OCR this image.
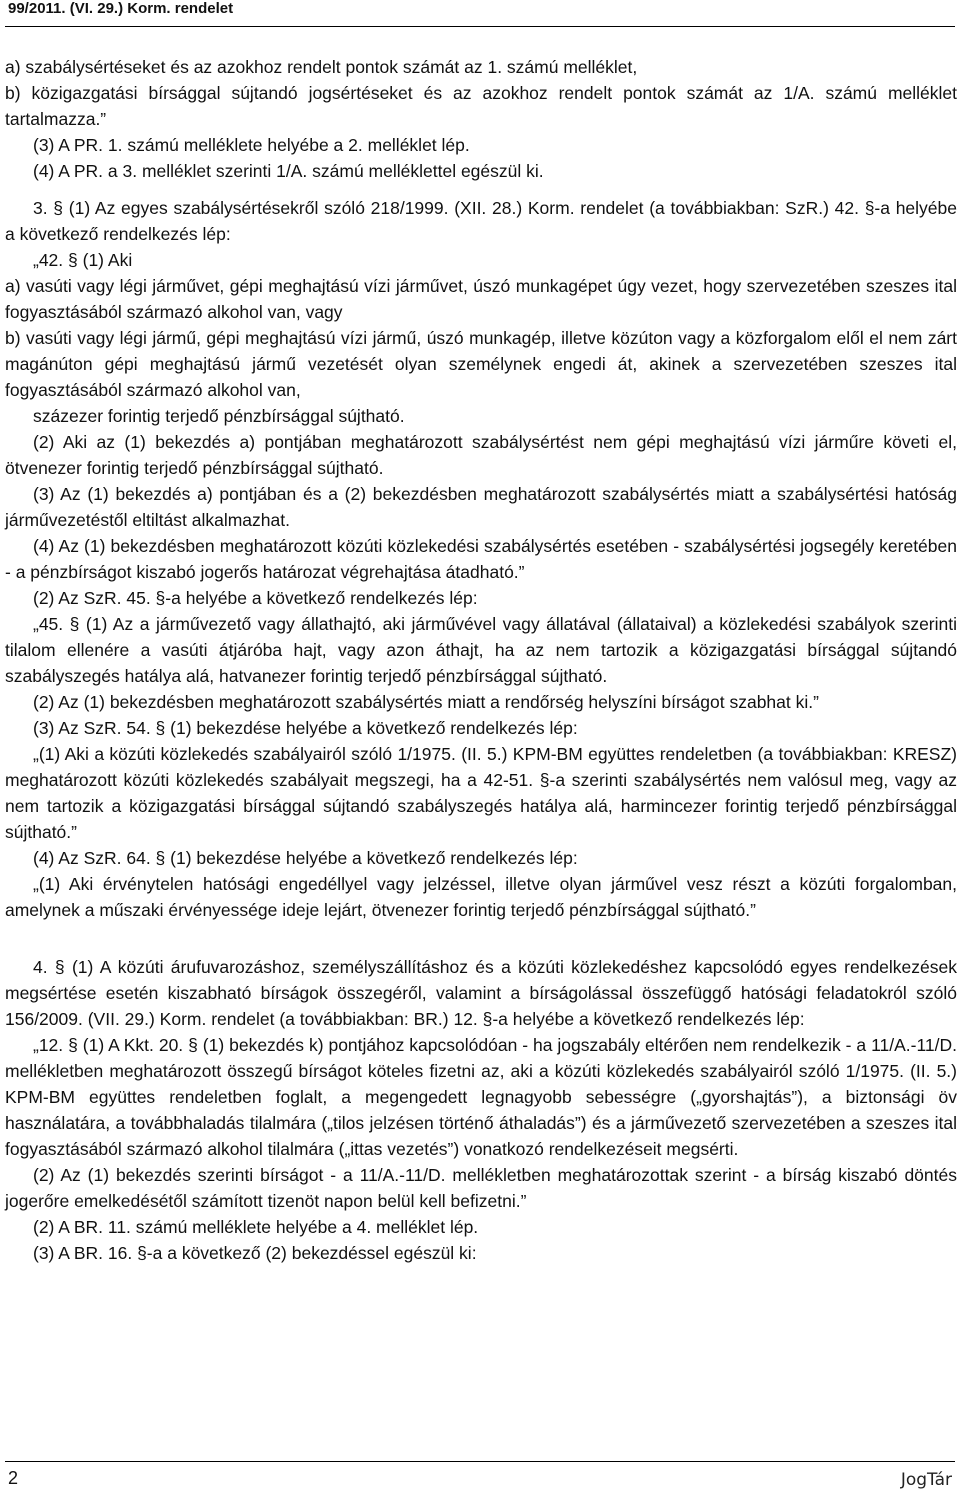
99/2011. (VI. 29.) Korm. rendelet

a) szabálysértéseket és az azokhoz rendelt pontok számát az 1. számú melléklet,

b) közigazgatási bírsággal sújtandó jogsértéseket és az azokhoz rendelt pontok számát az 1/A. számú melléklet tartalmazza.”

(3) A PR. 1. számú melléklete helyébe a 2. melléklet lép.

(4) A PR. a 3. melléklet szerinti 1/A. számú melléklettel egészül ki.

3. § (1) Az egyes szabálysértésekről szóló 218/1999. (XII. 28.) Korm. rendelet (a továbbiakban: SzR.) 42. §-a helyébe a következő rendelkezés lép:

„42. § (1) Aki

a) vasúti vagy légi járművet, gépi meghajtású vízi járművet, úszó munkagépet úgy vezet, hogy szervezetében szeszes ital fogyasztásából származó alkohol van, vagy

b) vasúti vagy légi jármű, gépi meghajtású vízi jármű, úszó munkagép, illetve közúton vagy a közforgalom elől el nem zárt magánúton gépi meghajtású jármű vezetését olyan személynek engedi át, akinek a szervezetében szeszes ital fogyasztásából származó alkohol van,

százezer forintig terjedő pénzbírsággal sújtható.

(2) Aki az (1) bekezdés a) pontjában meghatározott szabálysértést nem gépi meghajtású vízi járműre követi el, ötvenezer forintig terjedő pénzbírsággal sújtható.

(3) Az (1) bekezdés a) pontjában és a (2) bekezdésben meghatározott szabálysértés miatt a szabálysértési hatóság járművezetéstől eltiltást alkalmazhat.

(4) Az (1) bekezdésben meghatározott közúti közlekedési szabálysértés esetében - szabálysértési jogsegély keretében - a pénzbírságot kiszabó jogerős határozat végrehajtása átadható.”

(2) Az SzR. 45. §-a helyébe a következő rendelkezés lép:

„45. § (1) Az a járművezető vagy állathajtó, aki járművével vagy állatával (állataival) a közlekedési szabályok szerinti tilalom ellenére a vasúti átjáróba hajt, vagy azon áthajt, ha az nem tartozik a közigazgatási bírsággal sújtandó szabályszegés hatálya alá, hatvanezer forintig terjedő pénzbírsággal sújtható.

(2) Az (1) bekezdésben meghatározott szabálysértés miatt a rendőrség helyszíni bírságot szabhat ki.”

(3) Az SzR. 54. § (1) bekezdése helyébe a következő rendelkezés lép:

„(1) Aki a közúti közlekedés szabályairól szóló 1/1975. (II. 5.) KPM-BM együttes rendeletben (a továbbiakban: KRESZ) meghatározott közúti közlekedés szabályait megszegi, ha a 42-51. §-a szerinti szabálysértés nem valósul meg, vagy az nem tartozik a közigazgatási bírsággal sújtandó szabályszegés hatálya alá, harmincezer forintig terjedő pénzbírsággal sújtható.”

(4) Az SzR. 64. § (1) bekezdése helyébe a következő rendelkezés lép:

„(1) Aki érvénytelen hatósági engedéllyel vagy jelzéssel, illetve olyan járművel vesz részt a közúti forgalomban, amelynek a műszaki érvényessége ideje lejárt, ötvenezer forintig terjedő pénzbírsággal sújtható.”

4. § (1) A közúti árufuvarozáshoz, személyszállításhoz és a közúti közlekedéshez kapcsolódó egyes rendelkezések megsértése esetén kiszabható bírságok összegéről, valamint a bírságolással összefüggő hatósági feladatokról szóló 156/2009. (VII. 29.) Korm. rendelet (a továbbiakban: BR.) 12. §-a helyébe a következő rendelkezés lép:

„12. § (1) A Kkt. 20. § (1) bekezdés k) pontjához kapcsolódóan - ha jogszabály eltérően nem rendelkezik - a 11/A.-11/D. mellékletben meghatározott összegű bírságot köteles fizetni az, aki a közúti közlekedés szabályairól szóló 1/1975. (II. 5.) KPM-BM együttes rendeletben foglalt, a megengedett legnagyobb sebességre („gyorshajtás”), a biztonsági öv használatára, a továbbhaladás tilalmára („tilos jelzésen történő áthaladás”) és a járművezető szervezetében a szeszes ital fogyasztásából származó alkohol tilalmára („ittas vezetés”) vonatkozó rendelkezéseit megsérti.

(2) Az (1) bekezdés szerinti bírságot - a 11/A.-11/D. mellékletben meghatározottak szerint - a bírság kiszabó döntés jogerőre emelkedésétől számított tizenöt napon belül kell befizetni.”

(2) A BR. 11. számú melléklete helyébe a 4. melléklet lép.

(3) A BR. 16. §-a a következő (2) bekezdéssel egészül ki:

2	JogTár
